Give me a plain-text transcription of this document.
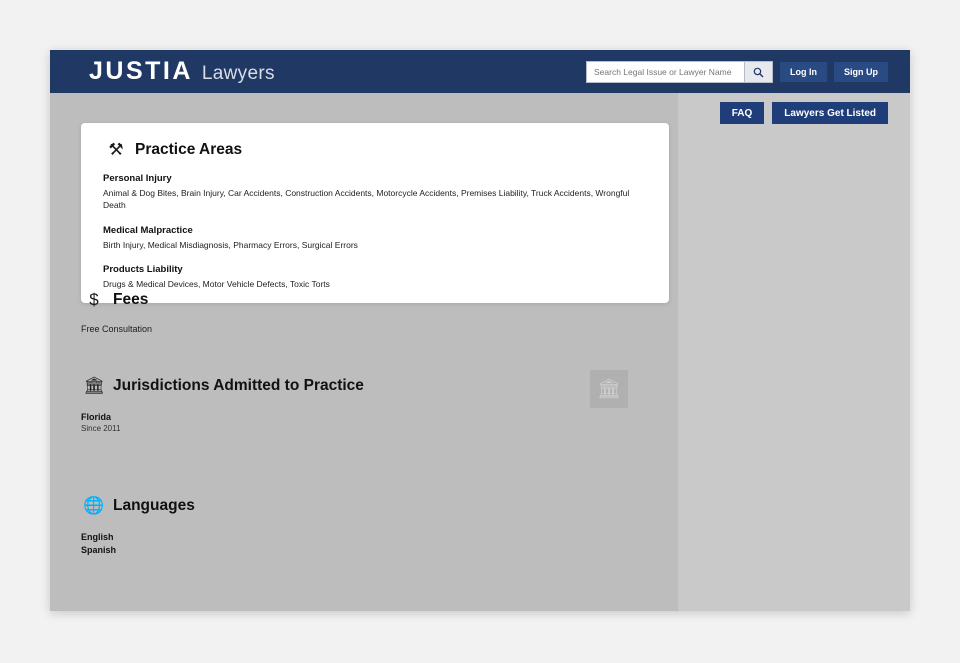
JUSTIA Lawyers
Search Legal Issue or Lawyer Name	Log In	Sign Up
FAQ	Lawyers Get Listed
⚒ Practice Areas
Personal Injury
Animal & Dog Bites, Brain Injury, Car Accidents, Construction Accidents, Motorcycle Accidents, Premises Liability, Truck Accidents, Wrongful Death
Medical Malpractice
Birth Injury, Medical Misdiagnosis, Pharmacy Errors, Surgical Errors
Products Liability
Drugs & Medical Devices, Motor Vehicle Defects, Toxic Torts
$ Fees
Free Consultation
🏛 Jurisdictions Admitted to Practice
Florida
Since 2011
🏛
🌐 Languages
English
Spanish
